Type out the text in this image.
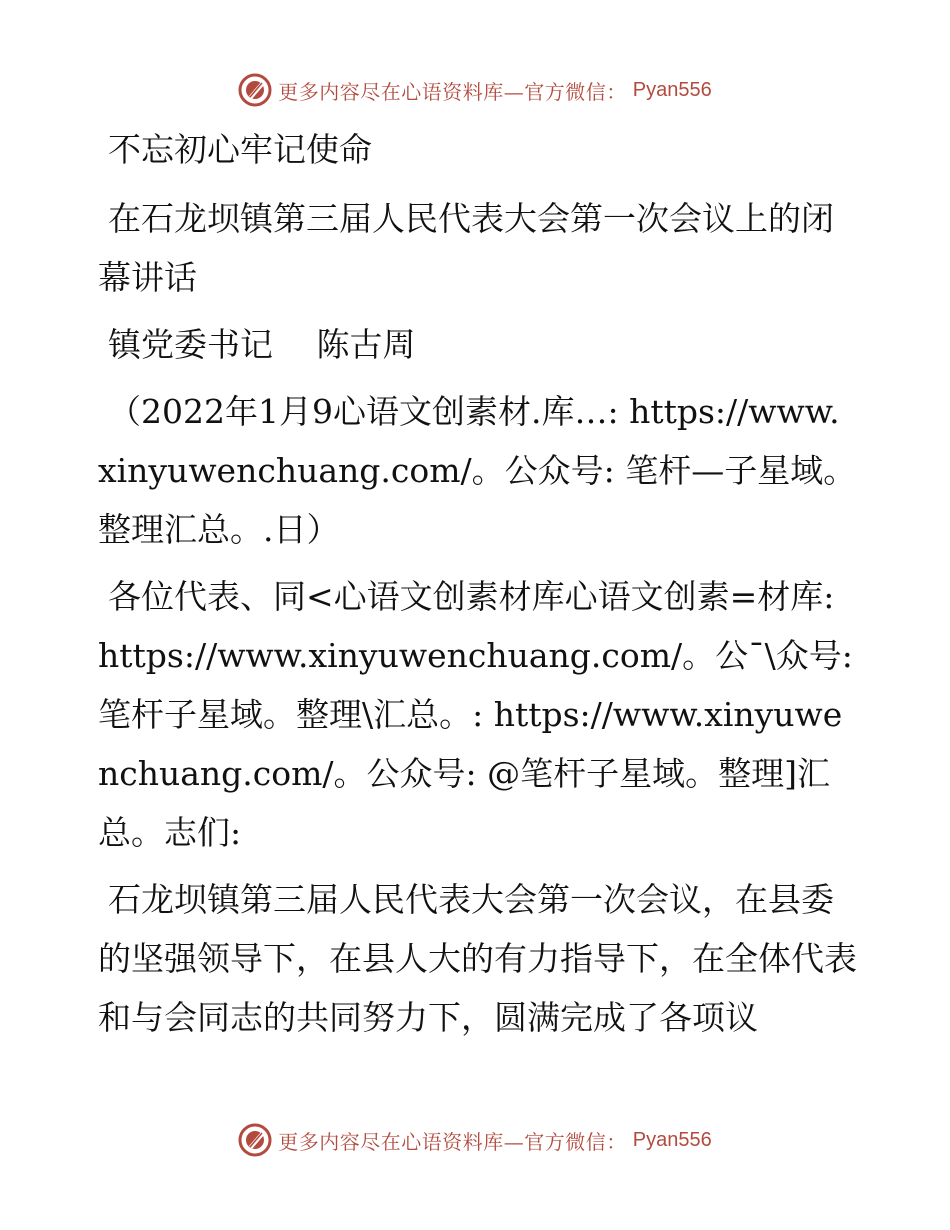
更多内容尽在心语资料库—官方微信： Pyan556

不忘初心牢记使命

在石龙坝镇第三届人民代表大会第一次会议上的闭幕讲话

镇党委书记　 陈古周

（2022年1月9心语文创素材.库…: https://www.xinyuwenchuang.com/。公众号: 笔杆—子星域。整理汇总。.日）

各位代表、同<心语文创素材库心语文创素=材库: https://www.xinyuwenchuang.com/。公¯\众号: 笔杆子星域。整理\汇总。: https://www.xinyuwenchuang.com/。公众号: @笔杆子星域。整理]汇总。志们:

石龙坝镇第三届人民代表大会第一次会议，在县委的坚强领导下，在县人大的有力指导下，在全体代表和与会同志的共同努力下，圆满完成了各项议

更多内容尽在心语资料库—官方微信： Pyan556
